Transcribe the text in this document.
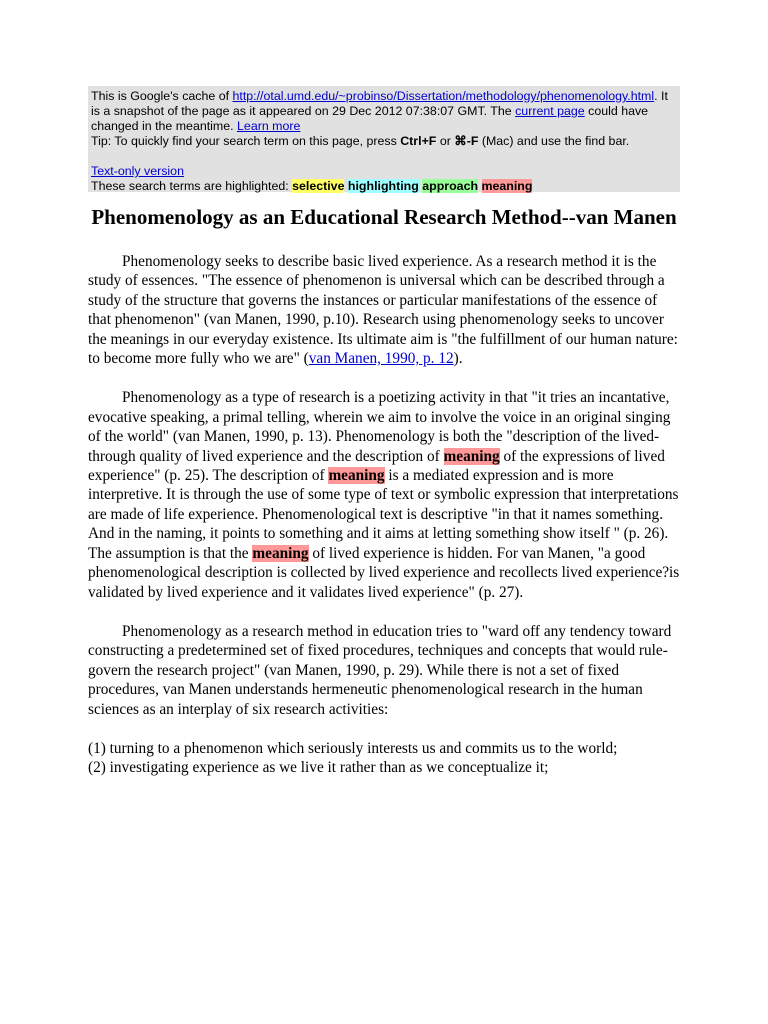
This is Google's cache of http://otal.umd.edu/~probinso/Dissertation/methodology/phenomenology.html. It is a snapshot of the page as it appeared on 29 Dec 2012 07:38:07 GMT. The current page could have changed in the meantime. Learn more
Tip: To quickly find your search term on this page, press Ctrl+F or ⌘-F (Mac) and use the find bar.
Text-only version
These search terms are highlighted: selective highlighting approach meaning
Phenomenology as an Educational Research Method--van Manen

Phenomenology seeks to describe basic lived experience. As a research method it is the study of essences. "The essence of phenomenon is universal which can be described through a study of the structure that governs the instances or particular manifestations of the essence of that phenomenon" (van Manen, 1990, p.10). Research using phenomenology seeks to uncover the meanings in our everyday existence. Its ultimate aim is "the fulfillment of our human nature: to become more fully who we are" (van Manen, 1990, p. 12).

Phenomenology as a type of research is a poetizing activity in that "it tries an incantative, evocative speaking, a primal telling, wherein we aim to involve the voice in an original singing of the world" (van Manen, 1990, p. 13). Phenomenology is both the "description of the lived-through quality of lived experience and the description of meaning of the expressions of lived experience" (p. 25). The description of meaning is a mediated expression and is more interpretive. It is through the use of some type of text or symbolic expression that interpretations are made of life experience. Phenomenological text is descriptive "in that it names something. And in the naming, it points to something and it aims at letting something show itself " (p. 26). The assumption is that the meaning of lived experience is hidden. For van Manen, "a good phenomenological description is collected by lived experience and recollects lived experience?is validated by lived experience and it validates lived experience" (p. 27).

Phenomenology as a research method in education tries to "ward off any tendency toward constructing a predetermined set of fixed procedures, techniques and concepts that would rule-govern the research project" (van Manen, 1990, p. 29). While there is not a set of fixed procedures, van Manen understands hermeneutic phenomenological research in the human sciences as an interplay of six research activities:

(1) turning to a phenomenon which seriously interests us and commits us to the world;

(2) investigating experience as we live it rather than as we conceptualize it;
